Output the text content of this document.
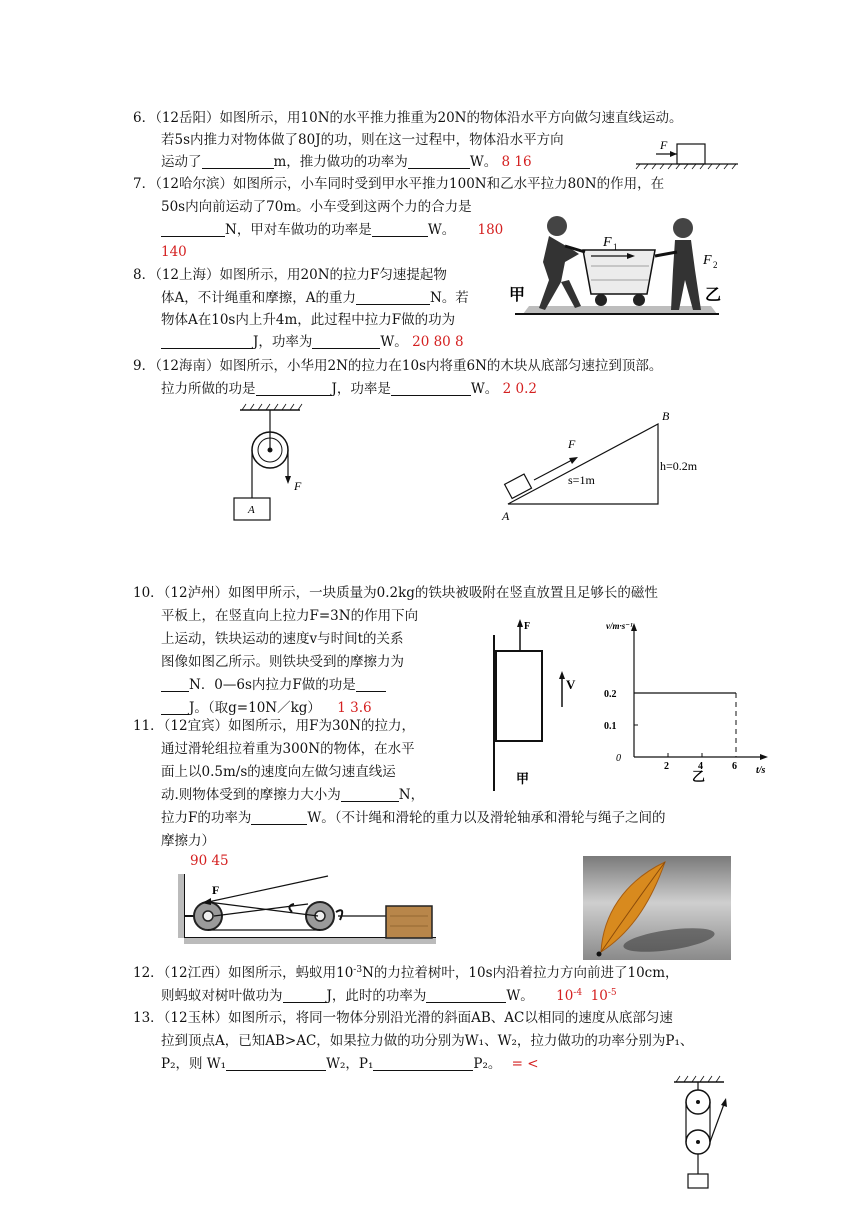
6．（12岳阳）如图所示，用10N的水平推力推重为20N的物体沿水平方向做匀速直线运动。
若5s内推力对物体做了80J的功，则在这一过程中，物体沿水平方向
运动了	m，推力做功的功率为	W。 8 16
F
7．（12哈尔滨）如图所示，小车同时受到甲水平推力100N和乙水平拉力80N的作用，在
50s内向前运动了70m。小车受到这两个力的合力是
N，甲对车做功的功率是	W。 180
140
F 1
F 2
甲	乙
8．（12上海）如图所示，用20N的拉力F匀速提起物
体A，不计绳重和摩擦，A的重力	N。若
物体A在10s内上升4m，此过程中拉力F做的功为
J，功率为	W。 20 80 8
9．（12海南）如图所示，小华用2N的拉力在10s内将重6N的木块从底部匀速拉到顶部。
拉力所做的功是	J，功率是	W。 2 0.2
F
A
F
s=1m
h=0.2m
B
A
10．（12泸州）如图甲所示，一块质量为0.2kg的铁块被吸附在竖直放置且足够长的磁性
平板上，在竖直向上拉力F=3N的作用下向
上运动，铁块运动的速度v与时间t的关系
图像如图乙所示。则铁块受到的摩擦力为
N．0—6s内拉力F做的功是
J。（取g=10N／kg） 1 3.6
F
V
甲
v/m·s⁻¹
t/s
0.2
0.1
0
2	4	6
乙
11．（12宜宾）如图所示，用F为30N的拉力，
通过滑轮组拉着重为300N的物体，在水平
面上以0.5m/s的速度向左做匀速直线运
动.则物体受到的摩擦力大小为	N，
拉力F的功率为	W。（不计绳和滑轮的重力以及滑轮轴承和滑轮与绳子之间的
摩擦力）
90 45
F
12．（12江西）如图所示，蚂蚁用$10^{-3}N$的力拉着树叶，10s内沿着拉力方向前进了10cm，
则蚂蚁对树叶做功为	J，此时的功率为	W。 $10^{-4}$ $10^{-5}$
13．（12玉林）如图所示，将同一物体分别沿光滑的斜面AB、AC以相同的速度从底部匀速
拉到顶点A，已知AB>AC，如果拉力做的功分别为W₁、W₂，拉力做功的功率分别为P₁、
P₂，则 W₁	W₂，P₁	P₂。 = <
